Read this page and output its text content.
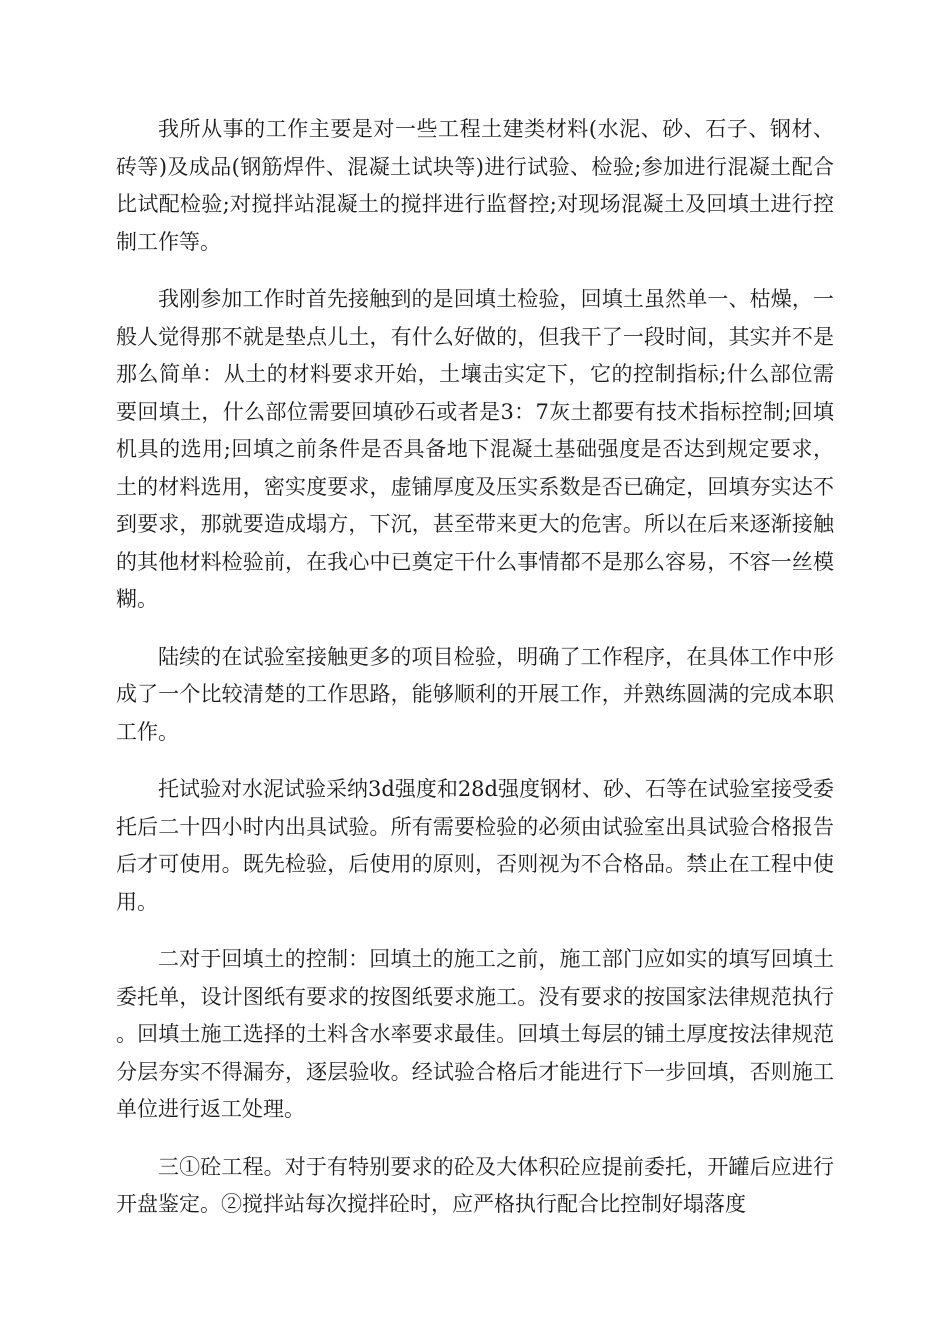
我所从事的工作主要是对一些工程土建类材料(水泥、砂、石子、钢材、砖等)及成品(钢筋焊件、混凝土试块等)进行试验、检验;参加进行混凝土配合比试配检验;对搅拌站混凝土的搅拌进行监督控;对现场混凝土及回填土进行控制工作等。

我刚参加工作时首先接触到的是回填土检验，回填土虽然单一、枯燥，一般人觉得那不就是垫点儿土，有什么好做的，但我干了一段时间，其实并不是那么简单：从土的材料要求开始，土壤击实定下，它的控制指标;什么部位需要回填土，什么部位需要回填砂石或者是3：7灰土都要有技术指标控制;回填机具的选用;回填之前条件是否具备地下混凝土基础强度是否达到规定要求，土的材料选用，密实度要求，虚铺厚度及压实系数是否已确定，回填夯实达不到要求，那就要造成塌方，下沉，甚至带来更大的危害。所以在后来逐渐接触的其他材料检验前，在我心中已奠定干什么事情都不是那么容易，不容一丝模糊。

陆续的在试验室接触更多的项目检验，明确了工作程序，在具体工作中形成了一个比较清楚的工作思路，能够顺利的开展工作，并熟练圆满的完成本职工作。

托试验对水泥试验采纳3d强度和28d强度钢材、砂、石等在试验室接受委托后二十四小时内出具试验。所有需要检验的必须由试验室出具试验合格报告后才可使用。既先检验，后使用的原则，否则视为不合格品。禁止在工程中使用。

二对于回填土的控制：回填土的施工之前，施工部门应如实的填写回填土委托单，设计图纸有要求的按图纸要求施工。没有要求的按国家法律规范执行。回填土施工选择的土料含水率要求最佳。回填土每层的铺土厚度按法律规范分层夯实不得漏夯，逐层验收。经试验合格后才能进行下一步回填，否则施工单位进行返工处理。

三①砼工程。对于有特别要求的砼及大体积砼应提前委托，开罐后应进行开盘鉴定。②搅拌站每次搅拌砼时，应严格执行配合比控制好塌落度
